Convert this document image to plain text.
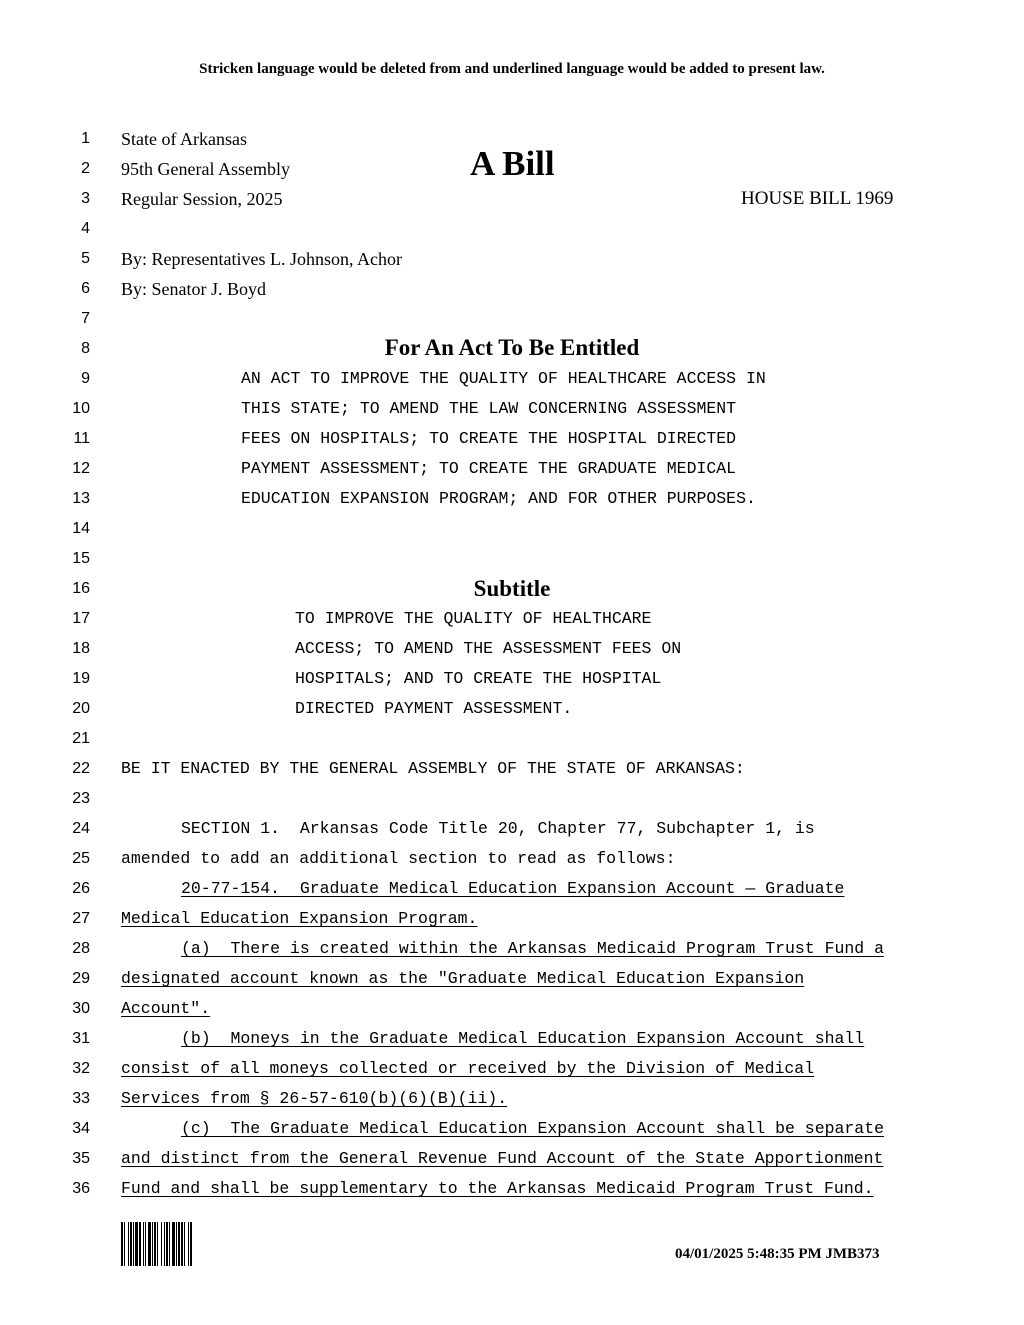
Stricken language would be deleted from and underlined language would be added to present law.
1
2
3
4
5
6
7
8
9
10
11
12
13
14
15
16
17
18
19
20
21
22
23
24
25
26
27
28
29
30
31
32
33
34
35
36
State of Arkansas
95th General Assembly	A Bill
Regular Session, 2025	HOUSE BILL 1969
By: Representatives L. Johnson, Achor
By: Senator J. Boyd
For An Act To Be Entitled
AN ACT TO IMPROVE THE QUALITY OF HEALTHCARE ACCESS IN
THIS STATE; TO AMEND THE LAW CONCERNING ASSESSMENT
FEES ON HOSPITALS; TO CREATE THE HOSPITAL DIRECTED
PAYMENT ASSESSMENT; TO CREATE THE GRADUATE MEDICAL
EDUCATION EXPANSION PROGRAM; AND FOR OTHER PURPOSES.
Subtitle
TO IMPROVE THE QUALITY OF HEALTHCARE
ACCESS; TO AMEND THE ASSESSMENT FEES ON
HOSPITALS; AND TO CREATE THE HOSPITAL
DIRECTED PAYMENT ASSESSMENT.
BE IT ENACTED BY THE GENERAL ASSEMBLY OF THE STATE OF ARKANSAS:
SECTION 1.  Arkansas Code Title 20, Chapter 77, Subchapter 1, is
amended to add an additional section to read as follows:
20-77-154.  Graduate Medical Education Expansion Account — Graduate
Medical Education Expansion Program.
(a)  There is created within the Arkansas Medicaid Program Trust Fund a
designated account known as the "Graduate Medical Education Expansion
Account".
(b)  Moneys in the Graduate Medical Education Expansion Account shall
consist of all moneys collected or received by the Division of Medical
Services from § 26-57-610(b)(6)(B)(ii).
(c)  The Graduate Medical Education Expansion Account shall be separate
and distinct from the General Revenue Fund Account of the State Apportionment
Fund and shall be supplementary to the Arkansas Medicaid Program Trust Fund.
04/01/2025 5:48:35 PM JMB373
